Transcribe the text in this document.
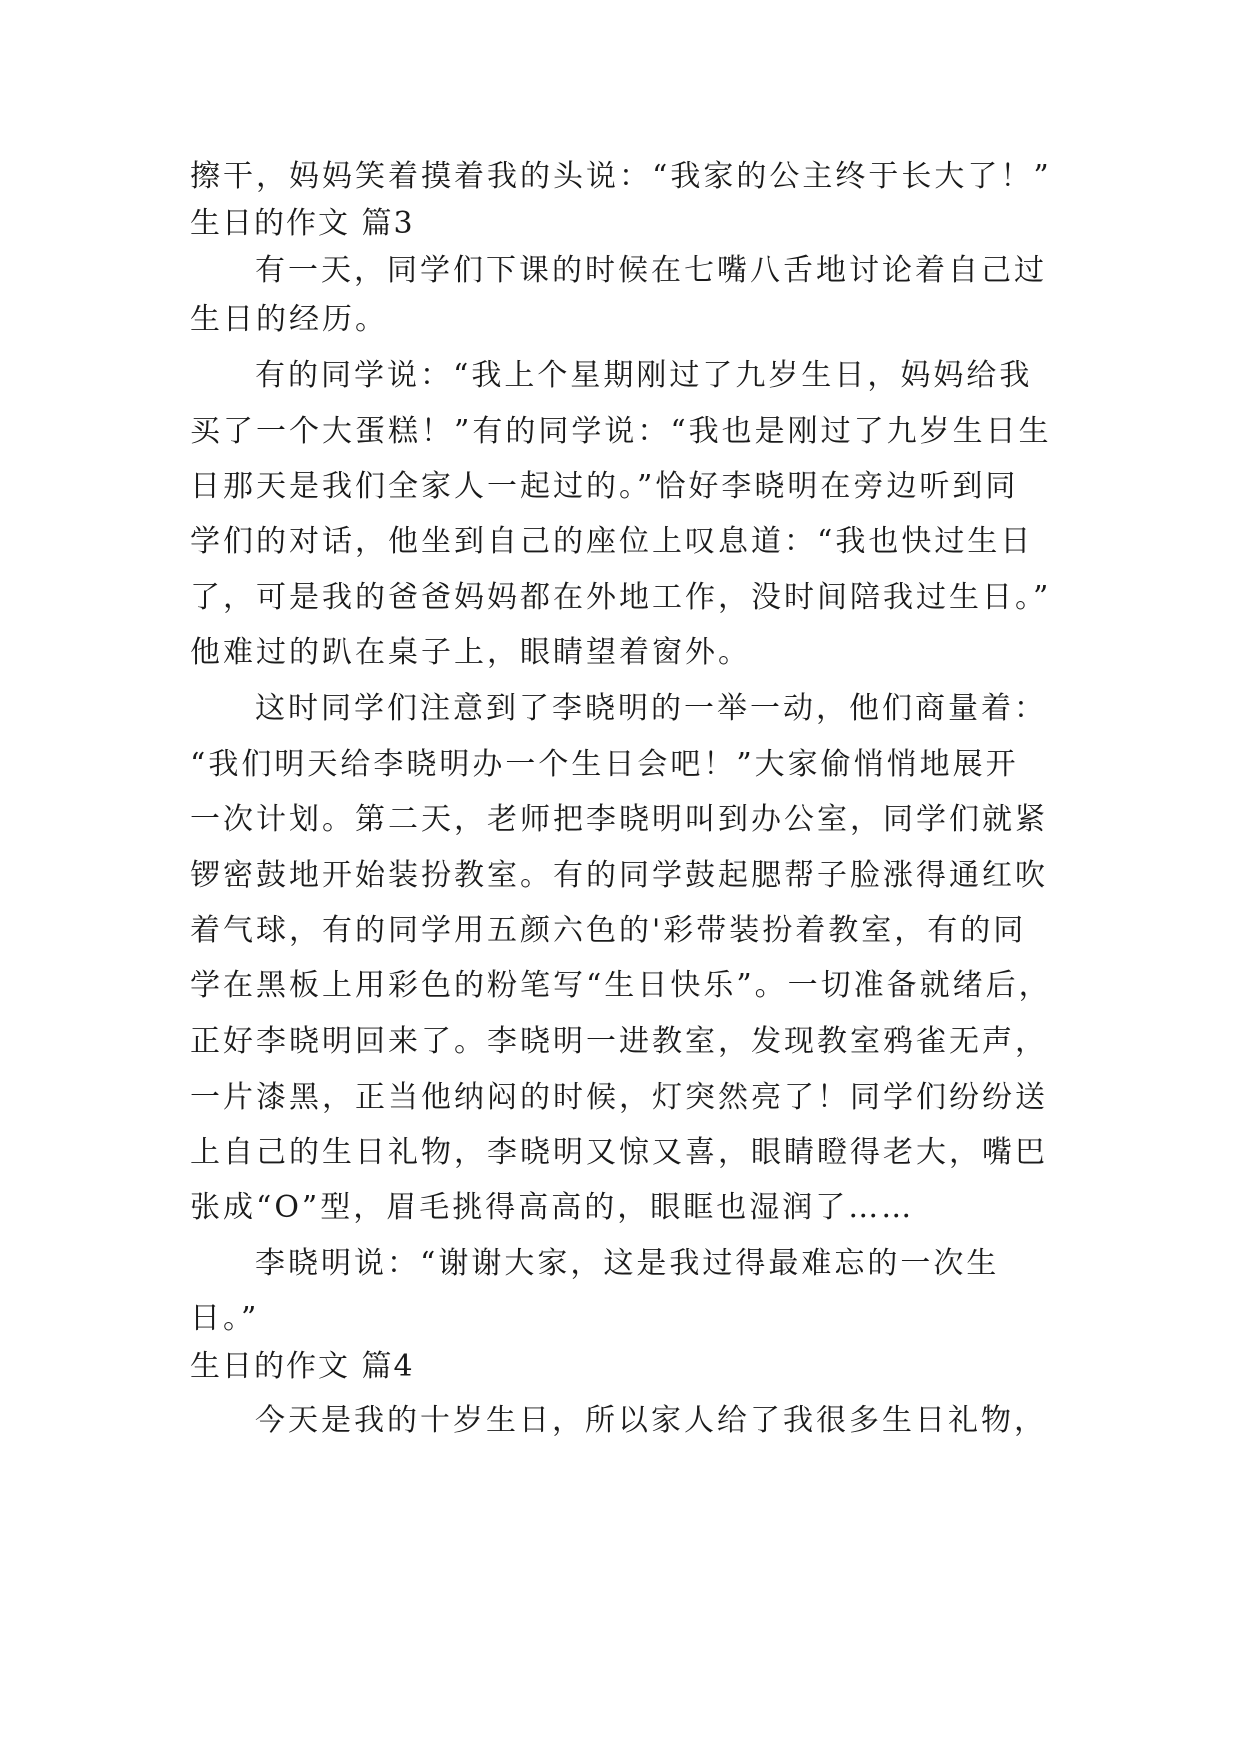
擦干，妈妈笑着摸着我的头说：“我家的公主终于长大了！”
生日的作文 篇3
有一天，同学们下课的时候在七嘴八舌地讨论着自己过
生日的经历。
有的同学说：“我上个星期刚过了九岁生日，妈妈给我
买了一个大蛋糕！”有的同学说：“我也是刚过了九岁生日生
日那天是我们全家人一起过的。”恰好李晓明在旁边听到同
学们的对话，他坐到自己的座位上叹息道：“我也快过生日
了，可是我的爸爸妈妈都在外地工作，没时间陪我过生日。”
他难过的趴在桌子上，眼睛望着窗外。
这时同学们注意到了李晓明的一举一动，他们商量着：
“我们明天给李晓明办一个生日会吧！”大家偷悄悄地展开
一次计划。第二天，老师把李晓明叫到办公室，同学们就紧
锣密鼓地开始装扮教室。有的同学鼓起腮帮子脸涨得通红吹
着气球，有的同学用五颜六色的'彩带装扮着教室，有的同
学在黑板上用彩色的粉笔写“生日快乐”。一切准备就绪后，
正好李晓明回来了。李晓明一进教室，发现教室鸦雀无声，
一片漆黑，正当他纳闷的时候，灯突然亮了！同学们纷纷送
上自己的生日礼物，李晓明又惊又喜，眼睛瞪得老大，嘴巴
张成“O”型，眉毛挑得高高的，眼眶也湿润了……
李晓明说：“谢谢大家，这是我过得最难忘的一次生
日。”
生日的作文 篇4
今天是我的十岁生日，所以家人给了我很多生日礼物，
